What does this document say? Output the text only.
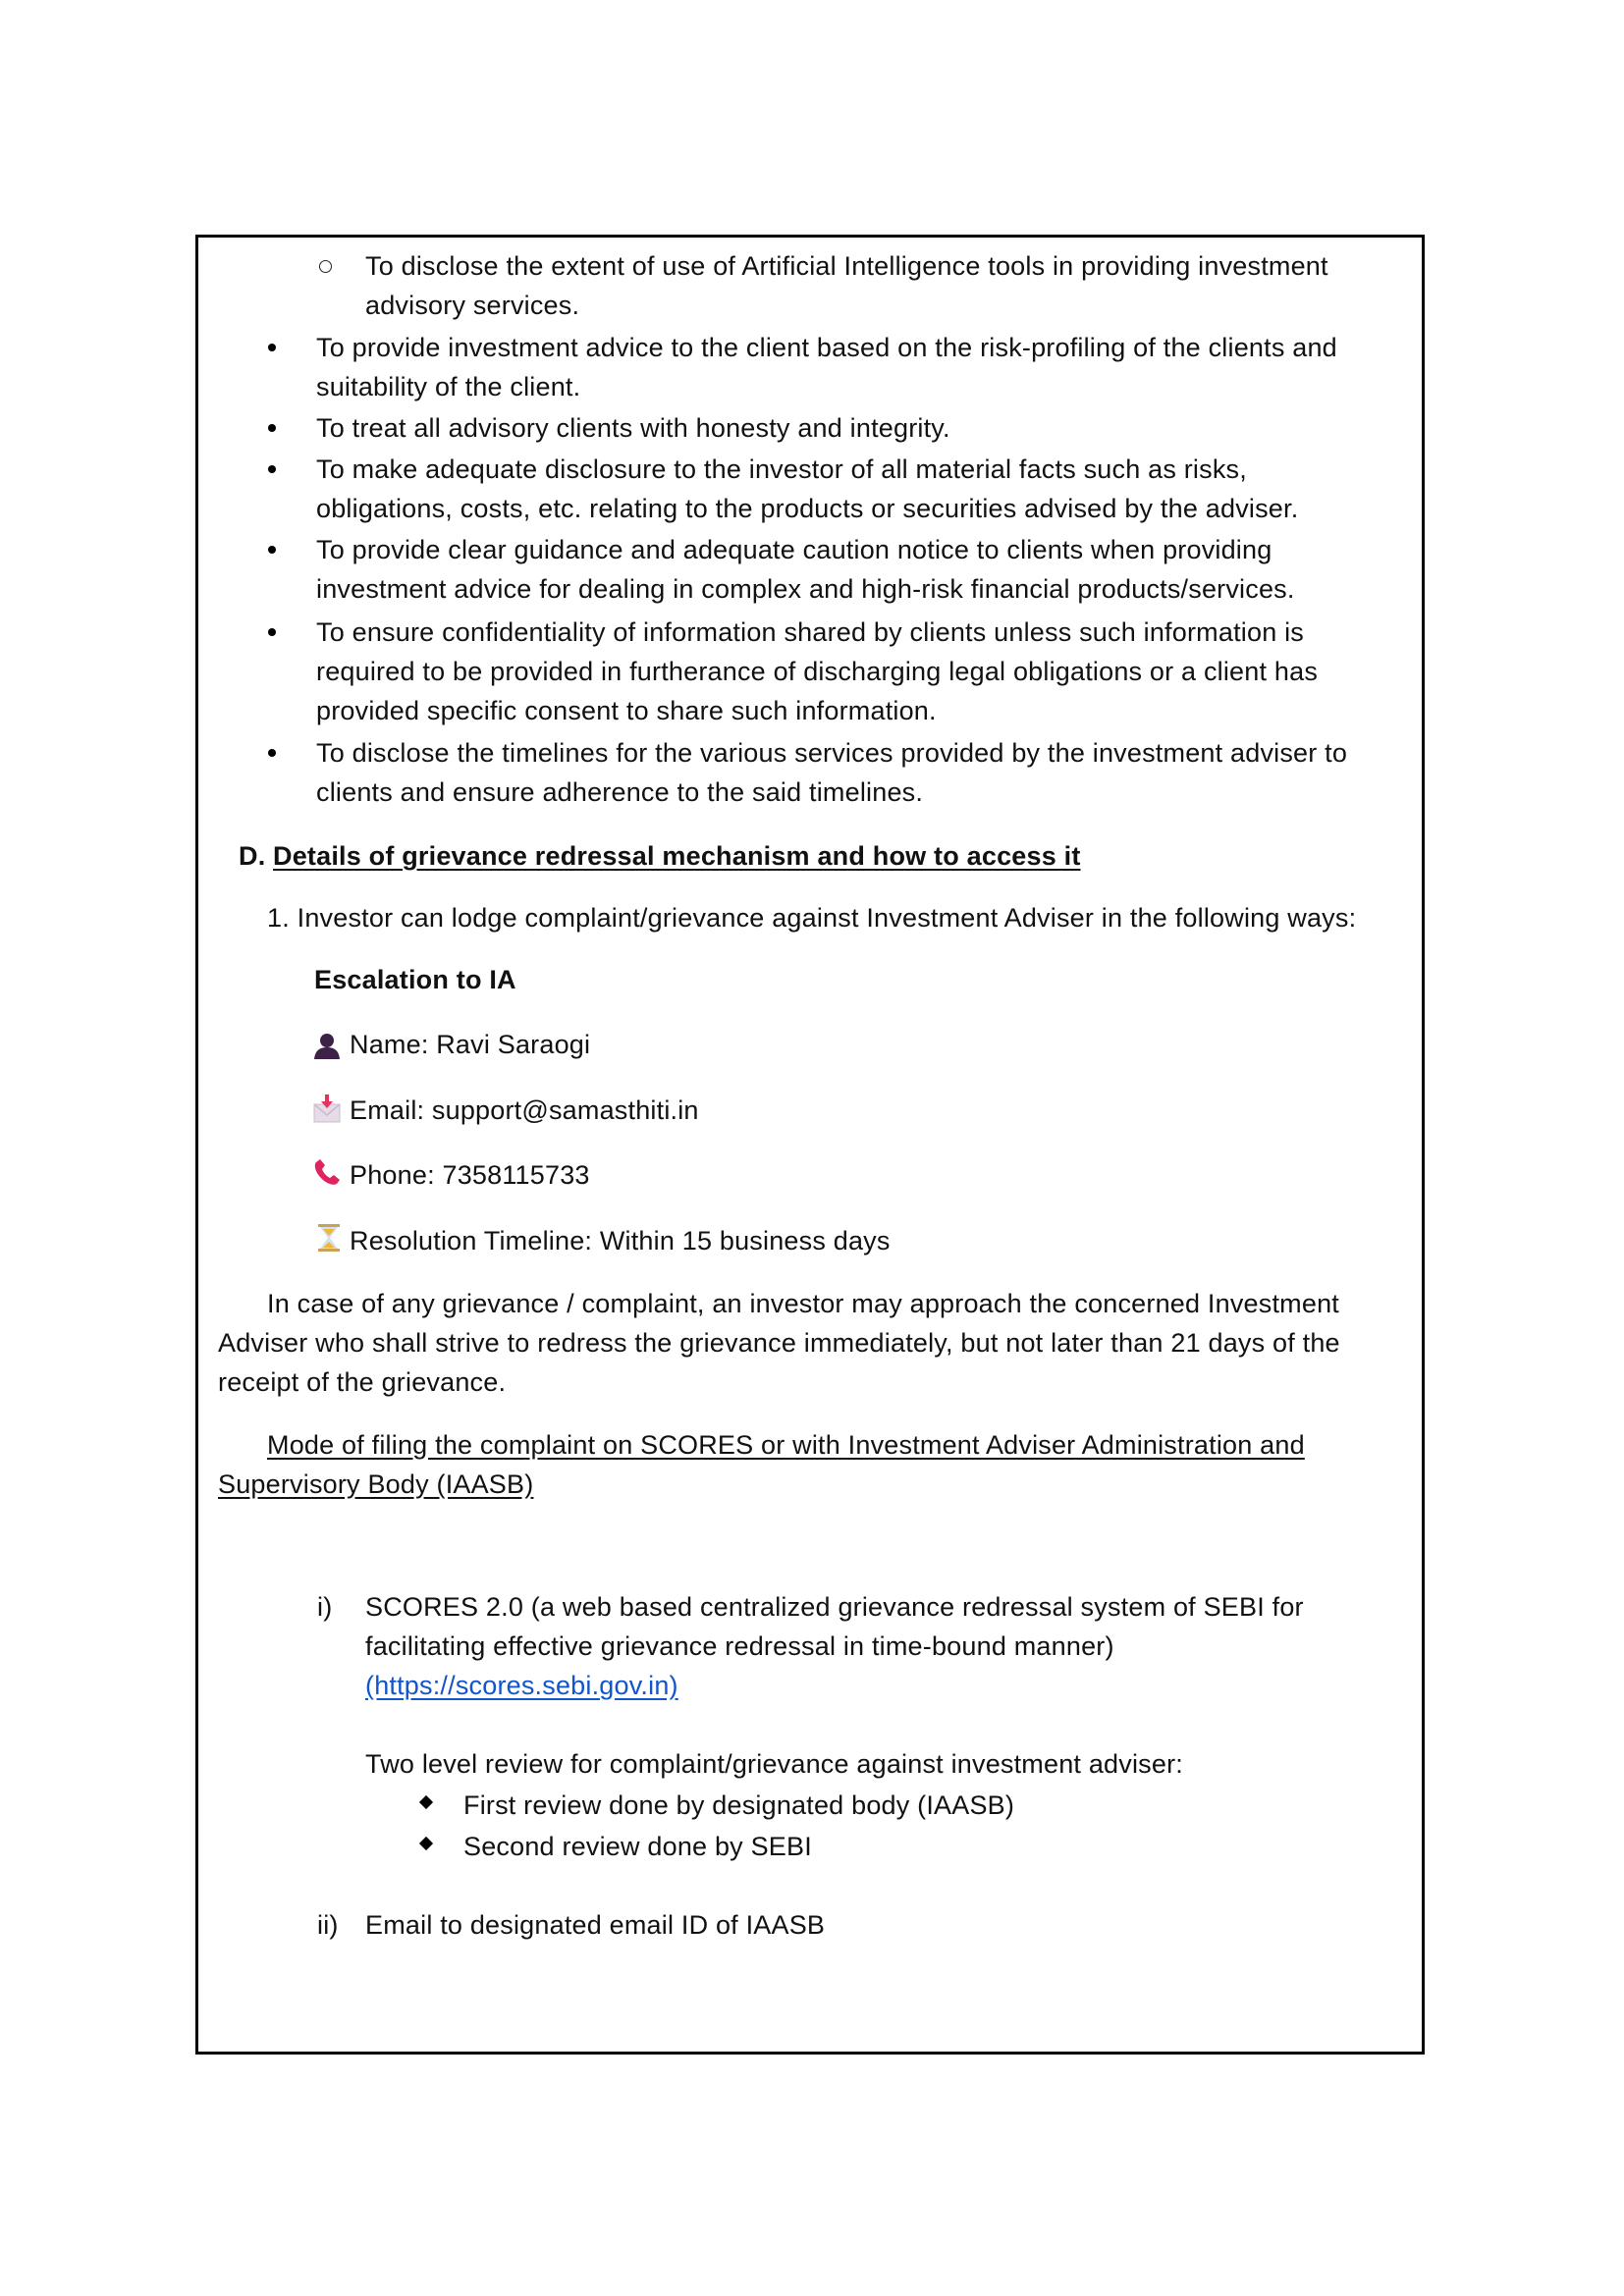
To disclose the extent of use of Artificial Intelligence tools in providing investment
advisory services.
To provide investment advice to the client based on the risk-profiling of the clients and
suitability of the client.
To treat all advisory clients with honesty and integrity.
To make adequate disclosure to the investor of all material facts such as risks,
obligations, costs, etc. relating to the products or securities advised by the adviser.
To provide clear guidance and adequate caution notice to clients when providing
investment advice for dealing in complex and high-risk financial products/services.
To ensure confidentiality of information shared by clients unless such information is
required to be provided in furtherance of discharging legal obligations or a client has
provided specific consent to share such information.
To disclose the timelines for the various services provided by the investment adviser to
clients and ensure adherence to the said timelines.
D. Details of grievance redressal mechanism and how to access it
1. Investor can lodge complaint/grievance against Investment Adviser in the following ways:
Escalation to IA
Name: Ravi Saraogi
Email: support@samasthiti.in
Phone: 7358115733
Resolution Timeline: Within 15 business days
In case of any grievance / complaint, an investor may approach the concerned Investment
Adviser who shall strive to redress the grievance immediately, but not later than 21 days of the
receipt of the grievance.
Mode of filing the complaint on SCORES or with Investment Adviser Administration and
Supervisory Body (IAASB)
i) SCORES 2.0 (a web based centralized grievance redressal system of SEBI for
facilitating effective grievance redressal in time-bound manner)
(https://scores.sebi.gov.in)
Two level review for complaint/grievance against investment adviser:
First review done by designated body (IAASB)
Second review done by SEBI
ii) Email to designated email ID of IAASB
